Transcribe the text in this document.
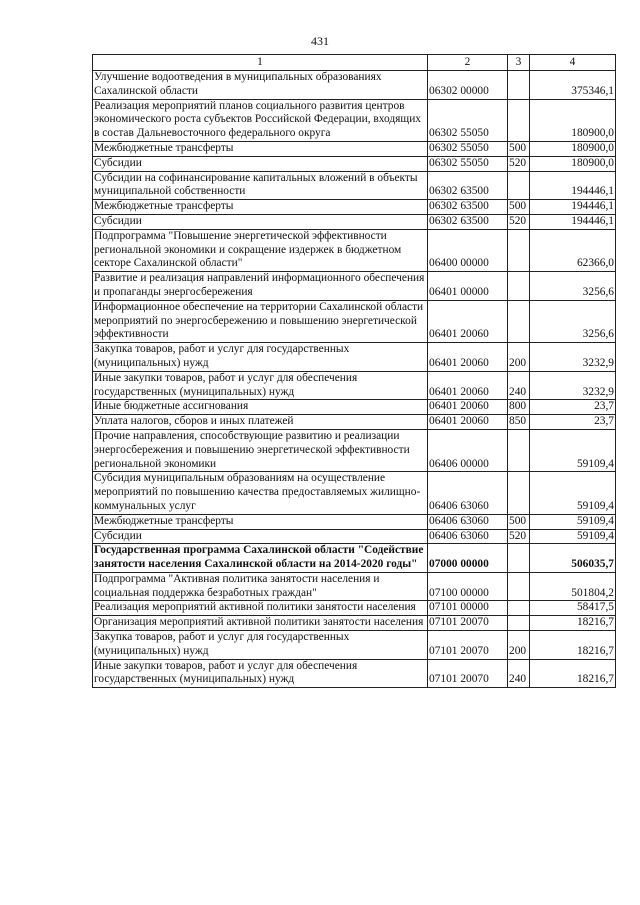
431
1	2	3	4
Улучшение водоотведения в муниципальных образованиях Сахалинской области	06302 00000		375346,1
Реализация мероприятий планов социального развития центров экономического роста субъектов Российской Федерации, входящих в состав Дальневосточного федерального округа	06302 55050		180900,0
Межбюджетные трансферты	06302 55050	500	180900,0
Субсидии	06302 55050	520	180900,0
Субсидии на софинансирование капитальных вложений в объекты муниципальной собственности	06302 63500		194446,1
Межбюджетные трансферты	06302 63500	500	194446,1
Субсидии	06302 63500	520	194446,1
Подпрограмма "Повышение энергетической эффективности региональной экономики и сокращение издержек в бюджетном секторе Сахалинской области"	06400 00000		62366,0
Развитие и реализация направлений информационного обеспечения и пропаганды энергосбережения	06401 00000		3256,6
Информационное обеспечение на территории Сахалинской области мероприятий по энергосбережению и повышению энергетической эффективности	06401 20060		3256,6
Закупка товаров, работ и услуг для государственных (муниципальных) нужд	06401 20060	200	3232,9
Иные закупки товаров, работ и услуг для обеспечения государственных (муниципальных) нужд	06401 20060	240	3232,9
Иные бюджетные ассигнования	06401 20060	800	23,7
Уплата налогов, сборов и иных платежей	06401 20060	850	23,7
Прочие направления, способствующие развитию и реализации энергосбережения и повышению энергетической эффективности региональной экономики	06406 00000		59109,4
Субсидия муниципальным образованиям на осуществление мероприятий по повышению качества предоставляемых жилищно-коммунальных услуг	06406 63060		59109,4
Межбюджетные трансферты	06406 63060	500	59109,4
Субсидии	06406 63060	520	59109,4
Государственная программа Сахалинской области "Содействие занятости населения Сахалинской области на 2014-2020 годы"	07000 00000		506035,7
Подпрограмма "Активная политика занятости населения и социальная поддержка безработных граждан"	07100 00000		501804,2
Реализация мероприятий активной политики занятости населения	07101 00000		58417,5
Организация мероприятий активной политики занятости населения	07101 20070		18216,7
Закупка товаров, работ и услуг для государственных (муниципальных) нужд	07101 20070	200	18216,7
Иные закупки товаров, работ и услуг для обеспечения государственных (муниципальных) нужд	07101 20070	240	18216,7
